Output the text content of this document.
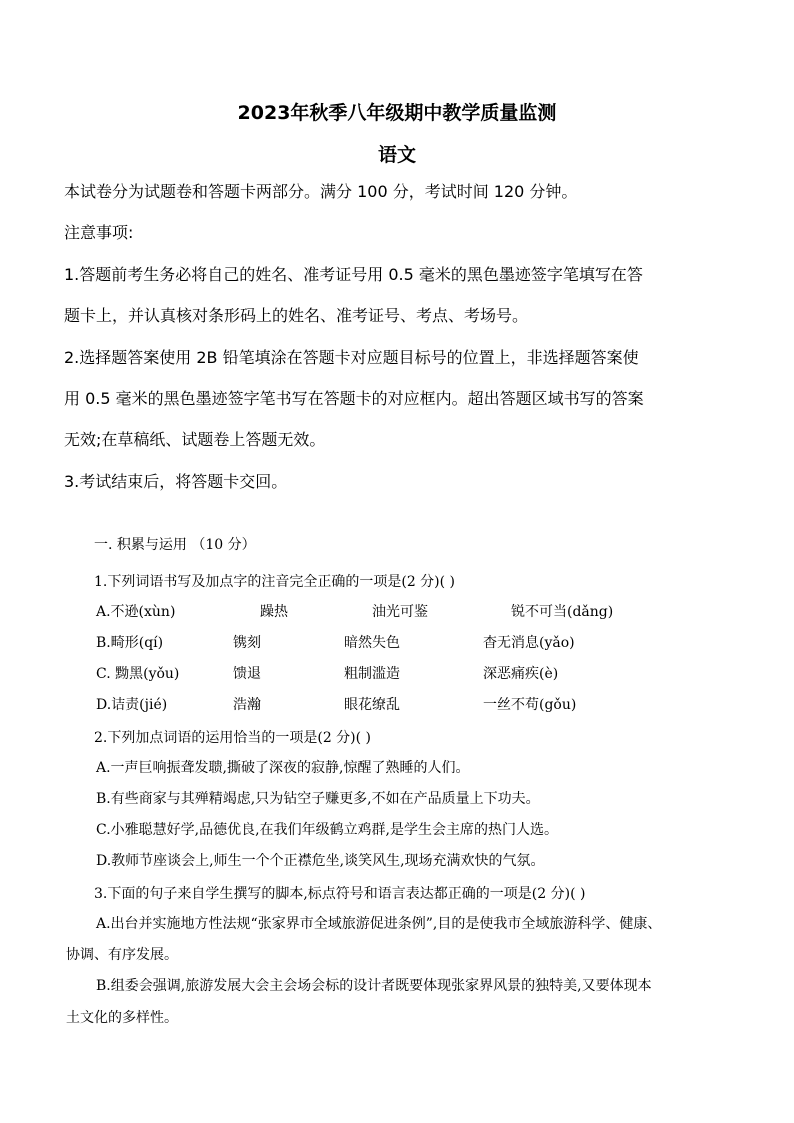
2023年秋季八年级期中教学质量监测
语文
本试卷分为试题卷和答题卡两部分。满分 100 分，考试时间 120 分钟。
注意事项:
1.答题前考生务必将自己的姓名、准考证号用 0.5 毫米的黑色墨迹签字笔填写在答
题卡上，并认真核对条形码上的姓名、准考证号、考点、考场号。
2.选择题答案使用 2B 铅笔填涂在答题卡对应题目标号的位置上，非选择题答案使
用 0.5 毫米的黑色墨迹签字笔书写在答题卡的对应框内。超出答题区域书写的答案
无效;在草稿纸、试题卷上答题无效。
3.考试结束后，将答题卡交回。
一. 积累与运用 （10 分）
1.下列词语书写及加点字的注音完全正确的一项是(2 分)( )
A.不逊(xùn)	躁热	油光可鉴	锐不可当(dǎng)
B.畸形(qí)	镌刻	暗然失色	杳无消息(yǎo)
C. 黝黑(yǒu)	馈退	粗制滥造	深恶痛疾(è)
D.诘责(jié)	浩瀚	眼花缭乱	一丝不苟(gǒu)
2.下列加点词语的运用恰当的一项是(2 分)( )
A.一声巨响振聋发聩,撕破了深夜的寂静,惊醒了熟睡的人们。
B.有些商家与其殚精竭虑,只为钻空子赚更多,不如在产品质量上下功夫。
C.小雅聪慧好学,品德优良,在我们年级鹤立鸡群,是学生会主席的热门人选。
D.教师节座谈会上,师生一个个正襟危坐,谈笑风生,现场充满欢快的气氛。
3.下面的句子来自学生撰写的脚本,标点符号和语言表达都正确的一项是(2 分)( )
A.出台并实施地方性法规“张家界市全域旅游促进条例”,目的是使我市全域旅游科学、健康、
协调、有序发展。
B.组委会强调,旅游发展大会主会场会标的设计者既要体现张家界风景的独特美,又要体现本
土文化的多样性。
